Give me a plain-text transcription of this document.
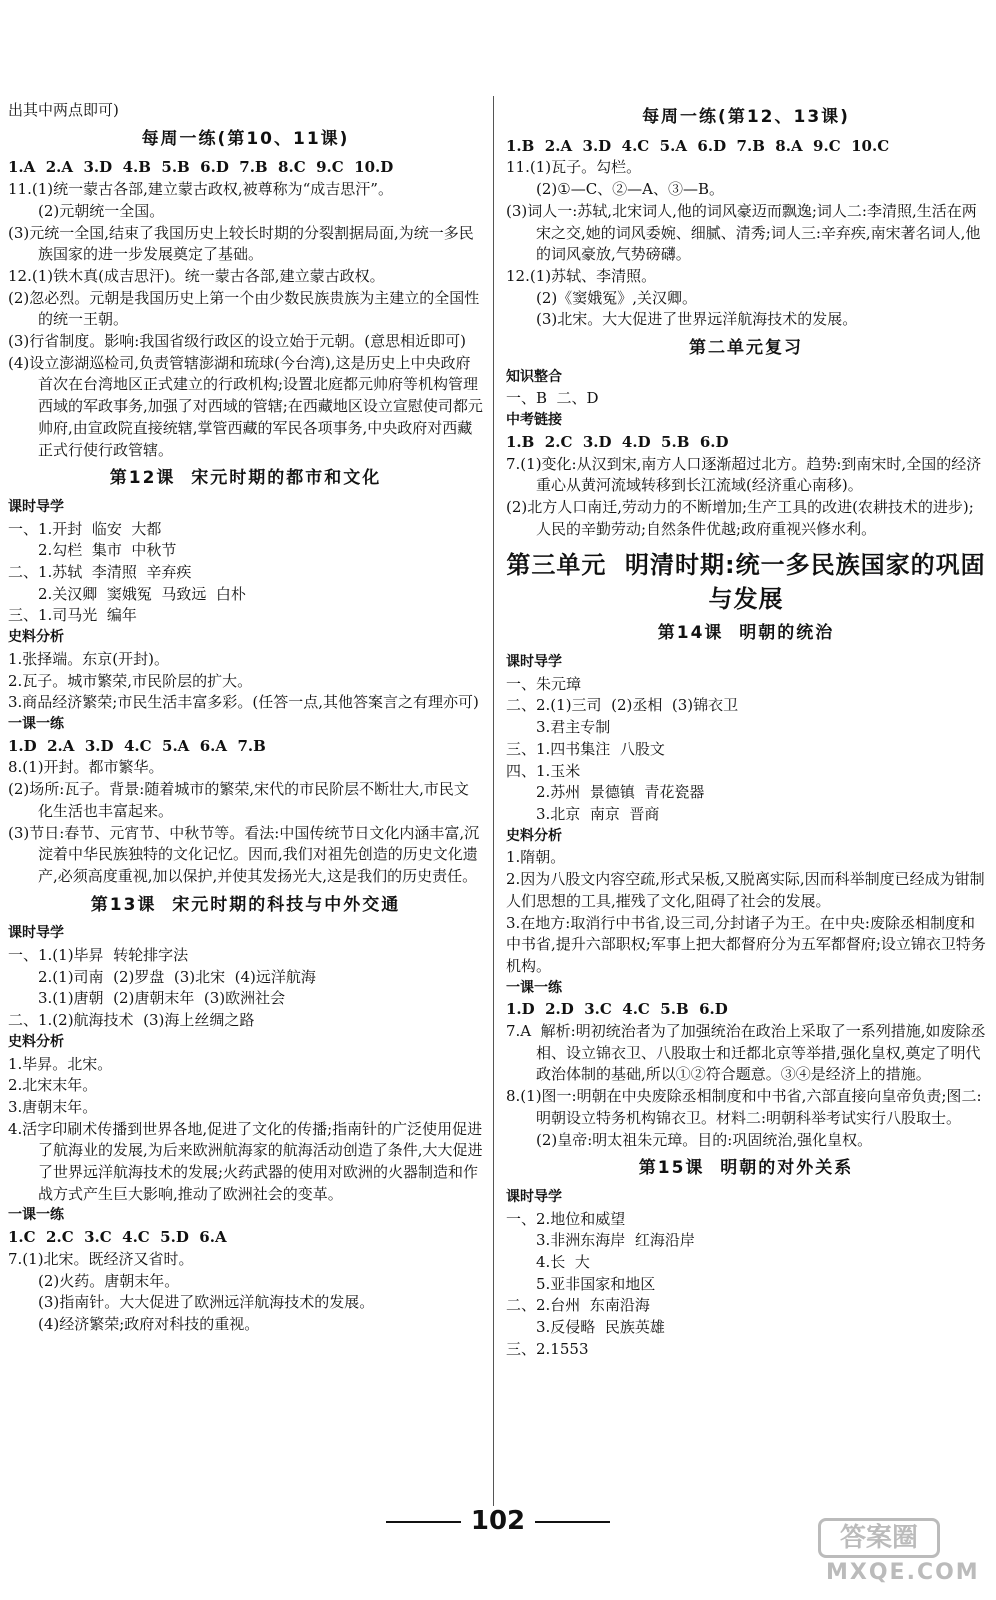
出其中两点即可)

每周一练(第10、11课)

1.A  2.A  3.D  4.B  5.B  6.D  7.B  8.C  9.C  10.D

11.(1)统一蒙古各部,建立蒙古政权,被尊称为“成吉思汗”。

(2)元朝统一全国。

(3)元统一全国,结束了我国历史上较长时期的分裂割据局面,为统一多民族国家的进一步发展奠定了基础。

12.(1)铁木真(成吉思汗)。统一蒙古各部,建立蒙古政权。

(2)忽必烈。元朝是我国历史上第一个由少数民族贵族为主建立的全国性的统一王朝。

(3)行省制度。影响:我国省级行政区的设立始于元朝。(意思相近即可)

(4)设立澎湖巡检司,负责管辖澎湖和琉球(今台湾),这是历史上中央政府首次在台湾地区正式建立的行政机构;设置北庭都元帅府等机构管理西域的军政事务,加强了对西域的管辖;在西藏地区设立宣慰使司都元帅府,由宣政院直接统辖,掌管西藏的军民各项事务,中央政府对西藏正式行使行政管辖。

第12课  宋元时期的都市和文化

课时导学

一、1.开封  临安  大都

2.勾栏  集市  中秋节

二、1.苏轼  李清照  辛弃疾

2.关汉卿  窦娥冤  马致远  白朴

三、1.司马光  编年

史料分析

1.张择端。东京(开封)。

2.瓦子。城市繁荣,市民阶层的扩大。

3.商品经济繁荣;市民生活丰富多彩。(任答一点,其他答案言之有理亦可)

一课一练

1.D  2.A  3.D  4.C  5.A  6.A  7.B

8.(1)开封。都市繁华。

(2)场所:瓦子。背景:随着城市的繁荣,宋代的市民阶层不断壮大,市民文化生活也丰富起来。

(3)节日:春节、元宵节、中秋节等。看法:中国传统节日文化内涵丰富,沉淀着中华民族独特的文化记忆。因而,我们对祖先创造的历史文化遗产,必须高度重视,加以保护,并使其发扬光大,这是我们的历史责任。

第13课  宋元时期的科技与中外交通

课时导学

一、1.(1)毕昇  转轮排字法

2.(1)司南  (2)罗盘  (3)北宋  (4)远洋航海

3.(1)唐朝  (2)唐朝末年  (3)欧洲社会

二、1.(2)航海技术  (3)海上丝绸之路

史料分析

1.毕昇。北宋。

2.北宋末年。

3.唐朝末年。

4.活字印刷术传播到世界各地,促进了文化的传播;指南针的广泛使用促进了航海业的发展,为后来欧洲航海家的航海活动创造了条件,大大促进了世界远洋航海技术的发展;火药武器的使用对欧洲的火器制造和作战方式产生巨大影响,推动了欧洲社会的变革。

一课一练

1.C  2.C  3.C  4.C  5.D  6.A

7.(1)北宋。既经济又省时。

(2)火药。唐朝末年。

(3)指南针。大大促进了欧洲远洋航海技术的发展。

(4)经济繁荣;政府对科技的重视。

每周一练(第12、13课)

1.B  2.A  3.D  4.C  5.A  6.D  7.B  8.A  9.C  10.C

11.(1)瓦子。勾栏。

(2)①—C、②—A、③—B。

(3)词人一:苏轼,北宋词人,他的词风豪迈而飘逸;词人二:李清照,生活在两宋之交,她的词风委婉、细腻、清秀;词人三:辛弃疾,南宋著名词人,他的词风豪放,气势磅礴。

12.(1)苏轼、李清照。

(2)《窦娥冤》,关汉卿。

(3)北宋。大大促进了世界远洋航海技术的发展。

第二单元复习

知识整合

一、B  二、D

中考链接

1.B  2.C  3.D  4.D  5.B  6.D

7.(1)变化:从汉到宋,南方人口逐渐超过北方。趋势:到南宋时,全国的经济重心从黄河流域转移到长江流域(经济重心南移)。

(2)北方人口南迁,劳动力的不断增加;生产工具的改进(农耕技术的进步);人民的辛勤劳动;自然条件优越;政府重视兴修水利。

第三单元  明清时期:统一多民族国家的巩固与发展

第14课  明朝的统治

课时导学

一、朱元璋

二、2.(1)三司  (2)丞相  (3)锦衣卫

3.君主专制

三、1.四书集注  八股文

四、1.玉米

2.苏州  景德镇  青花瓷器

3.北京  南京  晋商

史料分析

1.隋朝。

2.因为八股文内容空疏,形式呆板,又脱离实际,因而科举制度已经成为钳制人们思想的工具,摧残了文化,阻碍了社会的发展。

3.在地方:取消行中书省,设三司,分封诸子为王。在中央:废除丞相制度和中书省,提升六部职权;军事上把大都督府分为五军都督府;设立锦衣卫特务机构。

一课一练

1.D  2.D  3.C  4.C  5.B  6.D

7.A  解析:明初统治者为了加强统治在政治上采取了一系列措施,如废除丞相、设立锦衣卫、八股取士和迁都北京等举措,强化皇权,奠定了明代政治体制的基础,所以①②符合题意。③④是经济上的措施。

8.(1)图一:明朝在中央废除丞相制度和中书省,六部直接向皇帝负责;图二:明朝设立特务机构锦衣卫。材料二:明朝科举考试实行八股取士。

(2)皇帝:明太祖朱元璋。目的:巩固统治,强化皇权。

第15课  明朝的对外关系

课时导学

一、2.地位和威望

3.非洲东海岸  红海沿岸

4.长  大

5.亚非国家和地区

二、2.台州  东南沿海

3.反侵略  民族英雄

三、2.1553

102
答案圈
MXQE.COM
